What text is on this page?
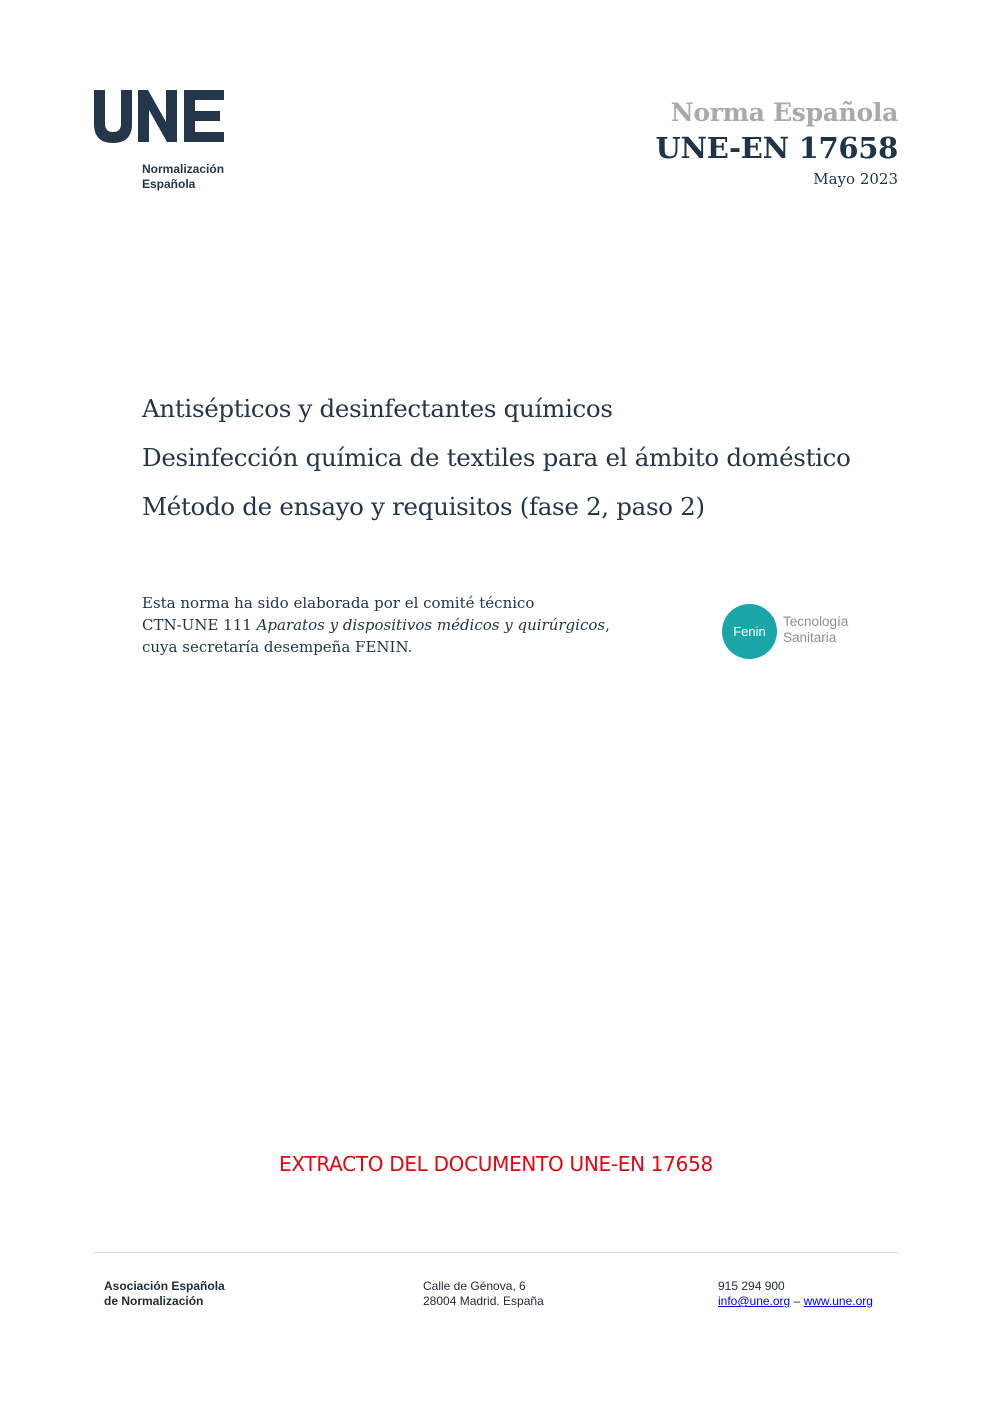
Normalización
Española
Norma Española
UNE-EN 17658
Mayo 2023
Antisépticos y desinfectantes químicos
Desinfección química de textiles para el ámbito doméstico
Método de ensayo y requisitos (fase 2, paso 2)
Esta norma ha sido elaborada por el comité técnico
CTN-UNE 111 Aparatos y dispositivos médicos y quirúrgicos,
cuya secretaría desempeña FENIN.
Fenin
Tecnología
Sanitaria
EXTRACTO DEL DOCUMENTO UNE-EN 17658
Asociación Española
de Normalización
Calle de Génova, 6
28004 Madrid. España
915 294 900
info@une.org – www.une.org
